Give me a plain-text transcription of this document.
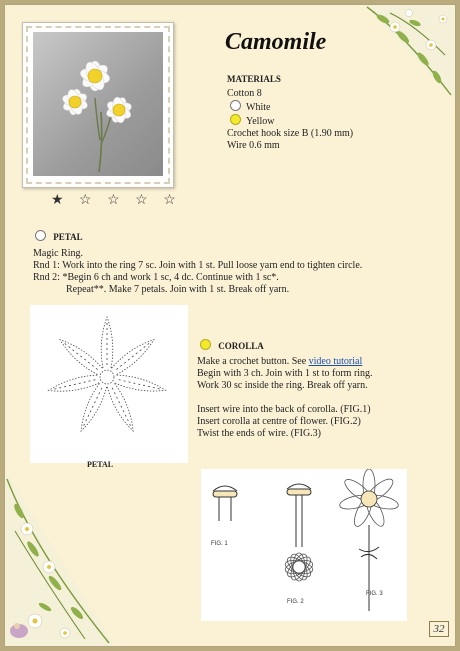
★ ☆ ☆ ☆ ☆
Camomile
MATERIALS
Cotton 8
White
Yellow
Crochet hook size B (1.90 mm)
Wire 0.6 mm
PETAL
Magic Ring.
Rnd 1: Work into the ring 7 sc. Join with 1 st. Pull loose yarn end to tighten circle.
Rnd 2: *Begin 6 ch and work 1 sc, 4 dc. Continue with 1 sc*.
Repeat**. Make 7 petals. Join with 1 st. Break off yarn.
PETAL
COROLLA
Make a crochet button. See video tutorial
Begin with 3 ch. Join with 1 st to form ring.
Work 30 sc inside the ring. Break off yarn.
Insert wire into the back of corolla. (FIG.1)
Insert corolla at centre of flower. (FIG.2)
Twist the ends of wire. (FIG.3)
FIG. 1
FIG. 2
FIG. 3
32
